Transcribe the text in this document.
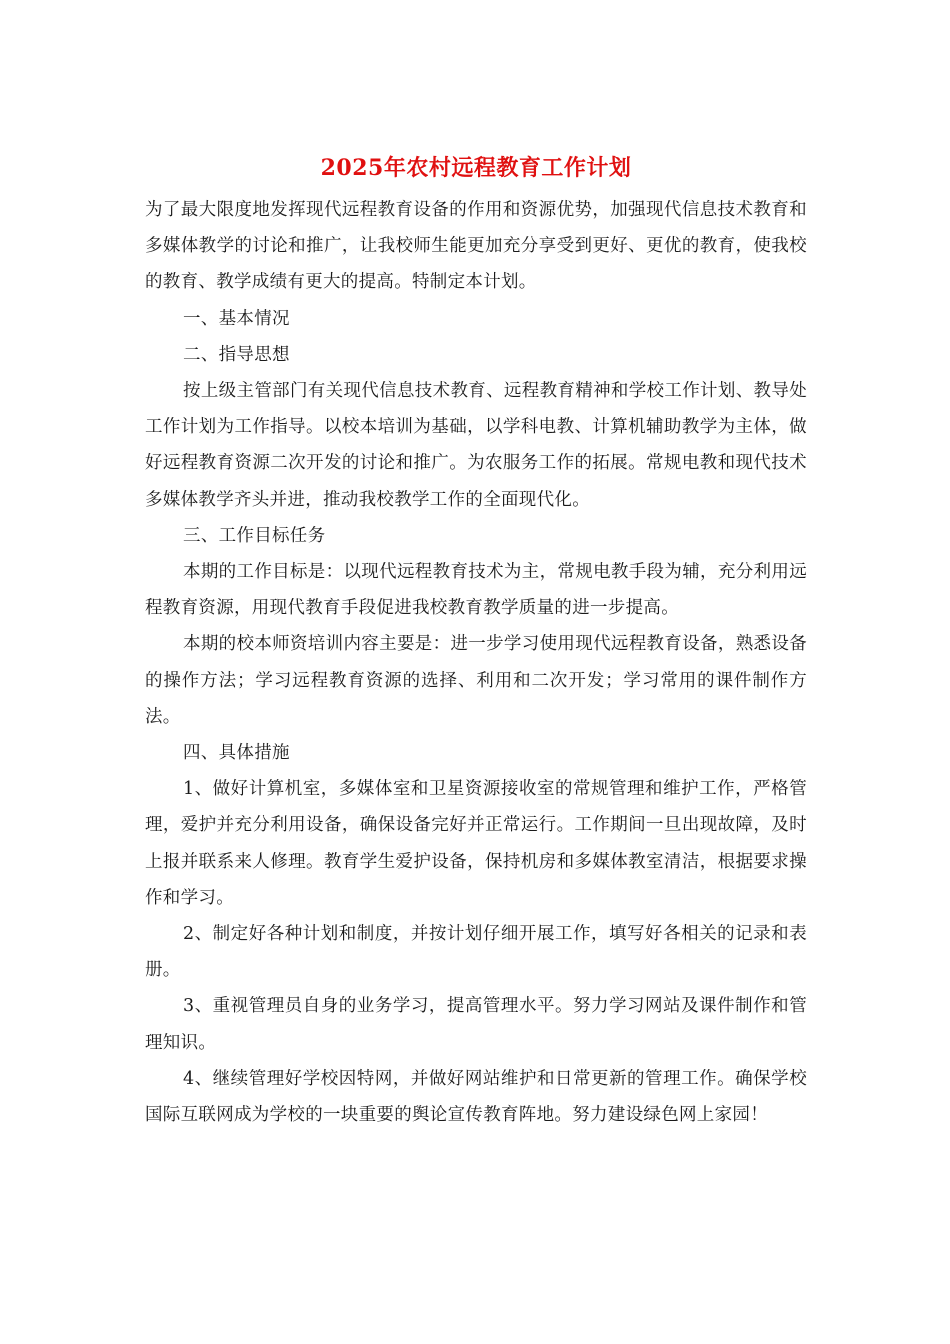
2025年农村远程教育工作计划

为了最大限度地发挥现代远程教育设备的作用和资源优势，加强现代信息技术教育和多媒体教学的讨论和推广，让我校师生能更加充分享受到更好、更优的教育，使我校的教育、教学成绩有更大的提高。特制定本计划。

一、基本情况

二、指导思想

按上级主管部门有关现代信息技术教育、远程教育精神和学校工作计划、教导处工作计划为工作指导。以校本培训为基础，以学科电教、计算机辅助教学为主体，做好远程教育资源二次开发的讨论和推广。为农服务工作的拓展。常规电教和现代技术多媒体教学齐头并进，推动我校教学工作的全面现代化。

三、工作目标任务

本期的工作目标是：以现代远程教育技术为主，常规电教手段为辅，充分利用远程教育资源，用现代教育手段促进我校教育教学质量的进一步提高。

本期的校本师资培训内容主要是：进一步学习使用现代远程教育设备，熟悉设备的操作方法；学习远程教育资源的选择、利用和二次开发；学习常用的课件制作方法。

四、具体措施

1、做好计算机室，多媒体室和卫星资源接收室的常规管理和维护工作，严格管理，爱护并充分利用设备，确保设备完好并正常运行。工作期间一旦出现故障，及时上报并联系来人修理。教育学生爱护设备，保持机房和多媒体教室清洁，根据要求操作和学习。

2、制定好各种计划和制度，并按计划仔细开展工作，填写好各相关的记录和表册。

3、重视管理员自身的业务学习，提高管理水平。努力学习网站及课件制作和管理知识。

4、继续管理好学校因特网，并做好网站维护和日常更新的管理工作。确保学校国际互联网成为学校的一块重要的舆论宣传教育阵地。努力建设绿色网上家园！
